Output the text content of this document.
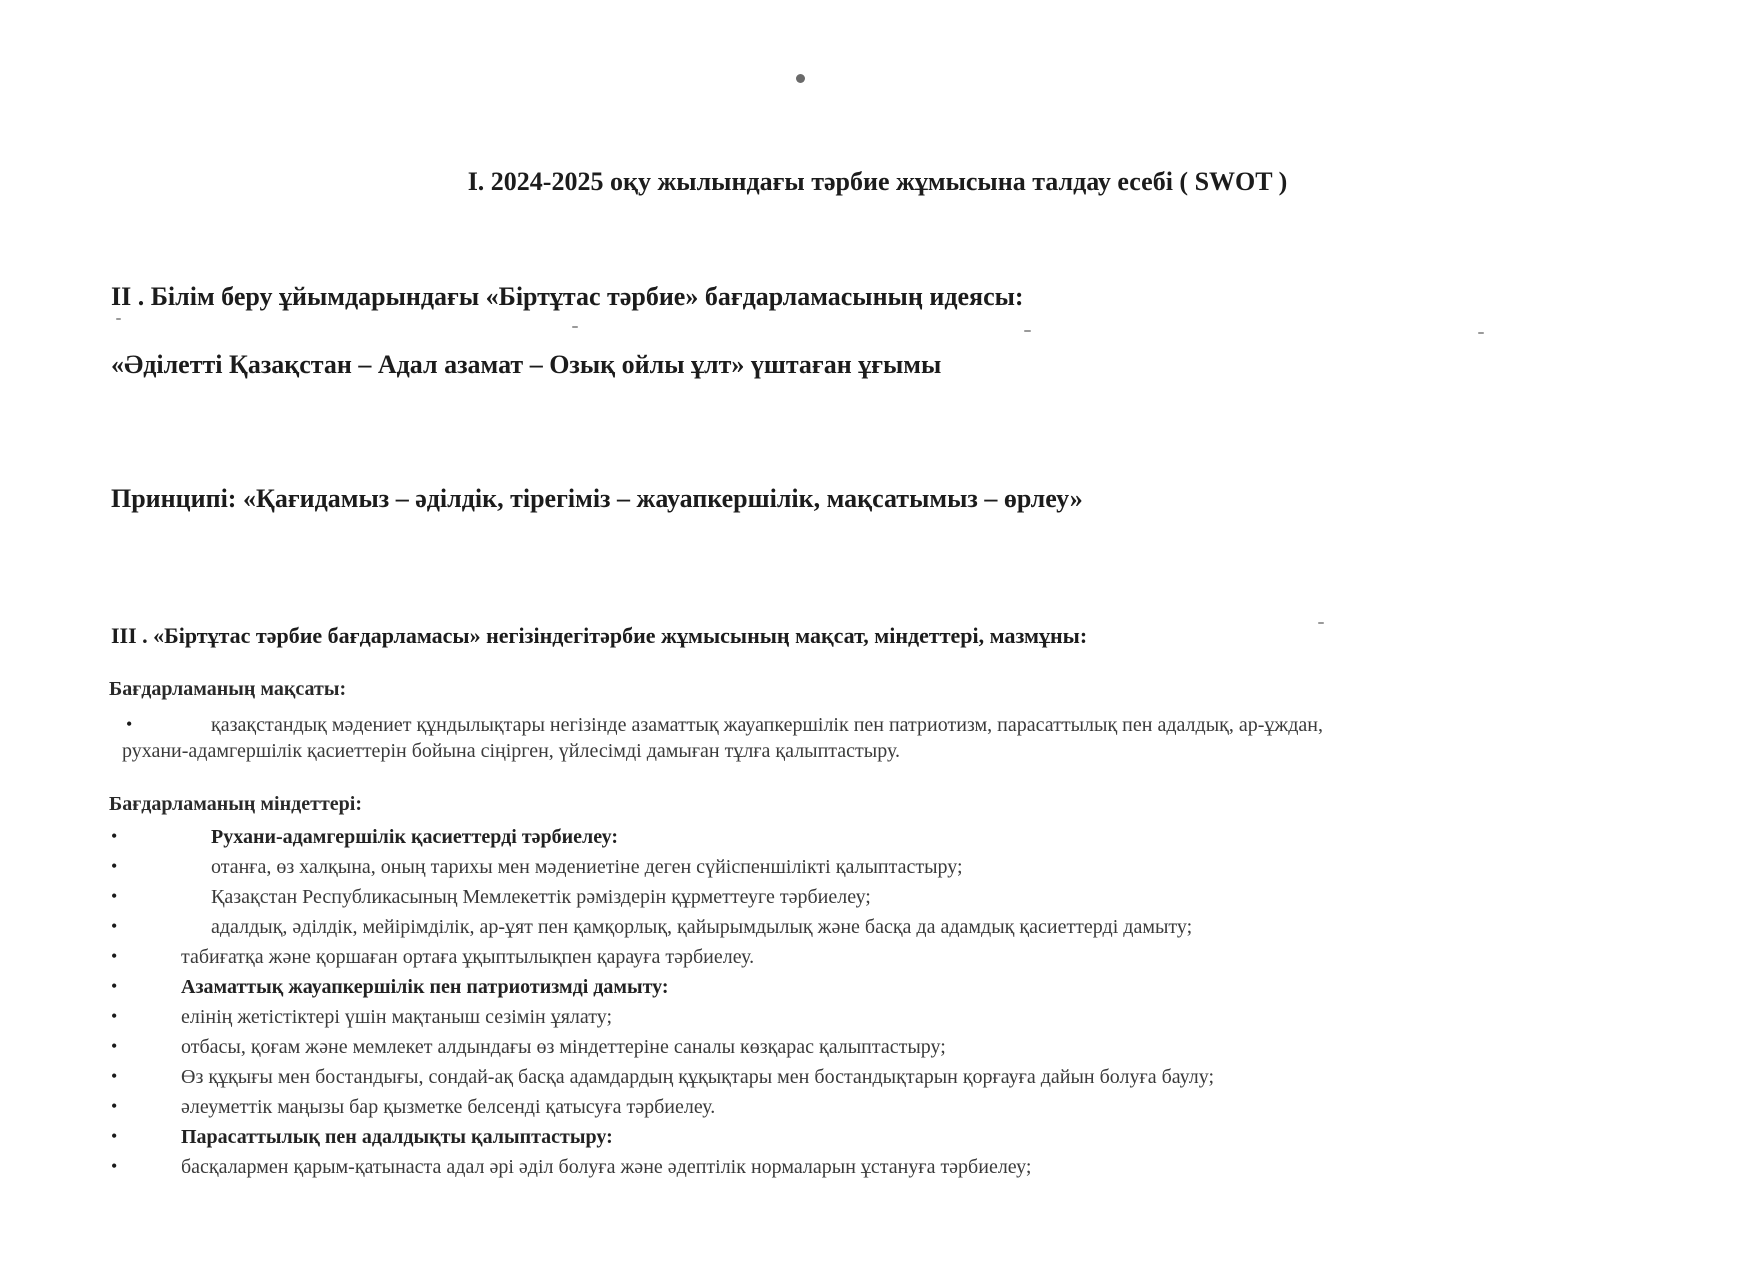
I. 2024-2025 оқу жылындағы тәрбие жұмысына талдау есебі ( SWOT )
II . Білім беру ұйымдарындағы «Біртұтас тәрбие» бағдарламасының идеясы:
«Әділетті Қазақстан – Адал азамат – Озық ойлы ұлт» үштаған ұғымы
Принципі: «Қағидамыз – әділдік, тірегіміз – жауапкершілік, мақсатымыз – өрлеу»
III . «Біртұтас тәрбие бағдарламасы» негізіндегітәрбие жұмысының мақсат, міндеттері, мазмұны:
Бағдарламаның мақсаты:
•	қазақстандық мәдениет құндылықтары негізінде азаматтық жауапкершілік пен патриотизм, парасаттылық пен адалдық, ар-ұждан,
рухани-адамгершілік қасиеттерін бойына сіңірген, үйлесімді дамыған тұлға қалыптастыру.
Бағдарламаның міндеттері:
•	Рухани-адамгершілік қасиеттерді тәрбиелеу:
•	отанға, өз халқына, оның тарихы мен мәдениетіне деген сүйіспеншілікті қалыптастыру;
•	Қазақстан Республикасының Мемлекеттік рәміздерін құрметтеуге тәрбиелеу;
•	адалдық, әділдік, мейірімділік, ар-ұят пен қамқорлық, қайырымдылық және басқа да адамдық қасиеттерді дамыту;
•	табиғатқа және қоршаған ортаға ұқыптылықпен қарауға тәрбиелеу.
•	Азаматтық жауапкершілік пен патриотизмді дамыту:
•	елінің жетістіктері үшін мақтаныш сезімін ұялату;
•	отбасы, қоғам және мемлекет алдындағы өз міндеттеріне саналы көзқарас қалыптастыру;
•	Өз құқығы мен бостандығы, сондай-ақ басқа адамдардың құқықтары мен бостандықтарын қорғауға дайын болуға баулу;
•	әлеуметтік маңызы бар қызметке белсенді қатысуға тәрбиелеу.
•	Парасаттылық пен адалдықты қалыптастыру:
•	басқалармен қарым-қатынаста адал әрі әділ болуға және әдептілік нормаларын ұстануға тәрбиелеу;
